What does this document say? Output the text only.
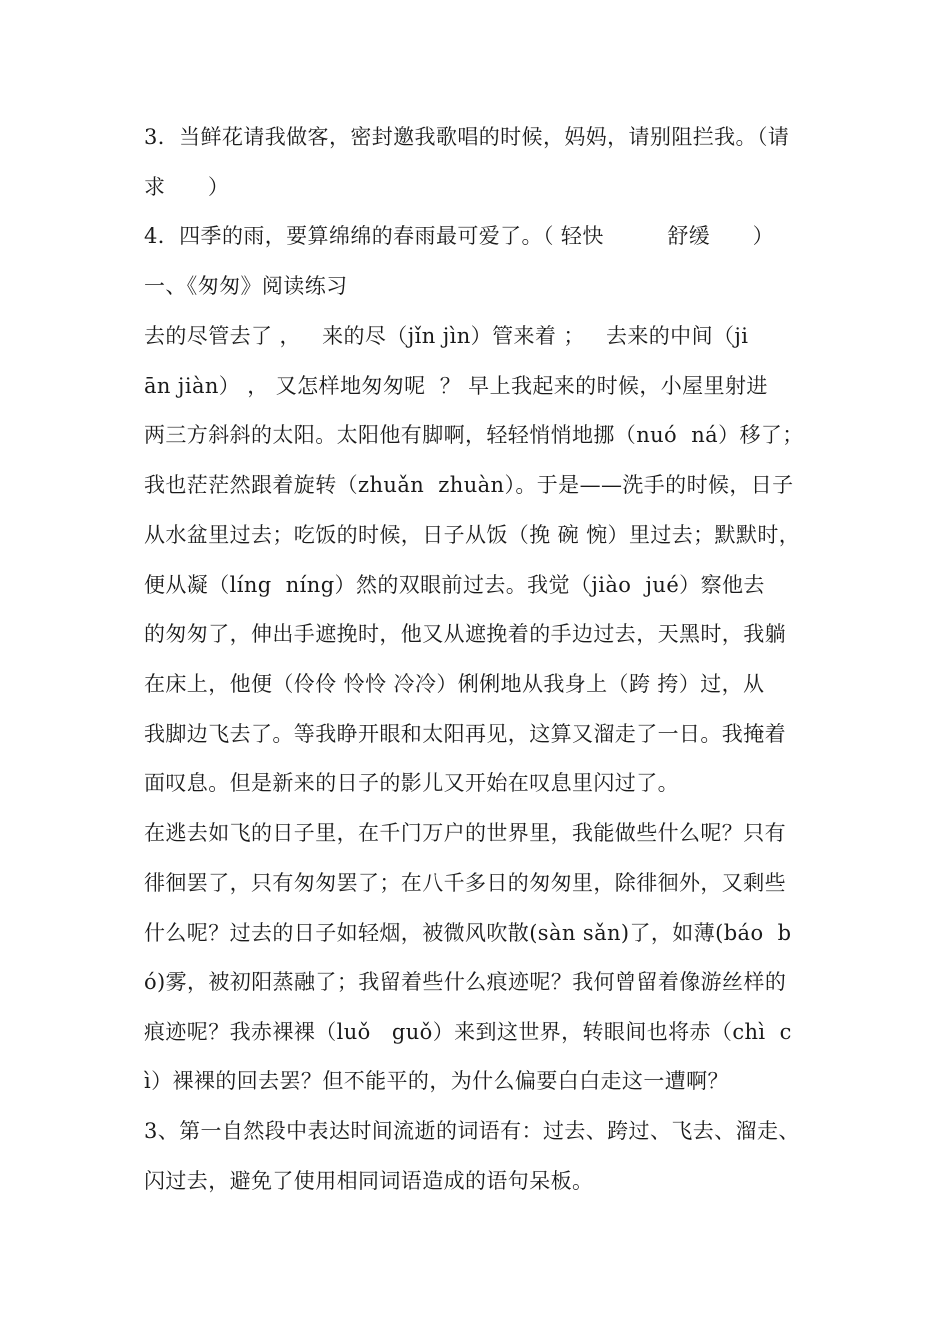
3．当鲜花请我做客，密封邀我歌唱的时候，妈妈，请别阻拦我。（请
求      ）
4．四季的雨，要算绵绵的春雨最可爱了。（ 轻快         舒缓      ）
一、《匆匆》阅读练习
去的尽管去了 ，   来的尽（jǐn jìn）管来着 ；   去来的中间（ji
ān jiàn） ， 又怎样地匆匆呢  ？ 早上我起来的时候，小屋里射进
两三方斜斜的太阳。太阳他有脚啊，轻轻悄悄地挪（nuó  ná）移了；
我也茫茫然跟着旋转（zhuǎn  zhuàn）。于是——洗手的时候，日子
从水盆里过去；吃饭的时候，日子从饭（挽 碗 惋）里过去；默默时，
便从凝（líng  níng）然的双眼前过去。我觉（jiào  jué）察他去
的匆匆了，伸出手遮挽时，他又从遮挽着的手边过去，天黑时，我躺
在床上，他便（伶伶 怜怜 冷冷）俐俐地从我身上（跨 挎）过，从
我脚边飞去了。等我睁开眼和太阳再见，这算又溜走了一日。我掩着
面叹息。但是新来的日子的影儿又开始在叹息里闪过了。
在逃去如飞的日子里，在千门万户的世界里，我能做些什么呢？只有
徘徊罢了，只有匆匆罢了；在八千多日的匆匆里，除徘徊外，又剩些
什么呢？过去的日子如轻烟，被微风吹散(sàn sǎn)了，如薄(báo  b
ó)雾，被初阳蒸融了；我留着些什么痕迹呢？我何曾留着像游丝样的
痕迹呢？我赤裸裸（luǒ   guǒ）来到这世界，转眼间也将赤（chì  c
ì）裸裸的回去罢？但不能平的，为什么偏要白白走这一遭啊？
3、第一自然段中表达时间流逝的词语有：过去、跨过、飞去、溜走、
闪过去，避免了使用相同词语造成的语句呆板。
